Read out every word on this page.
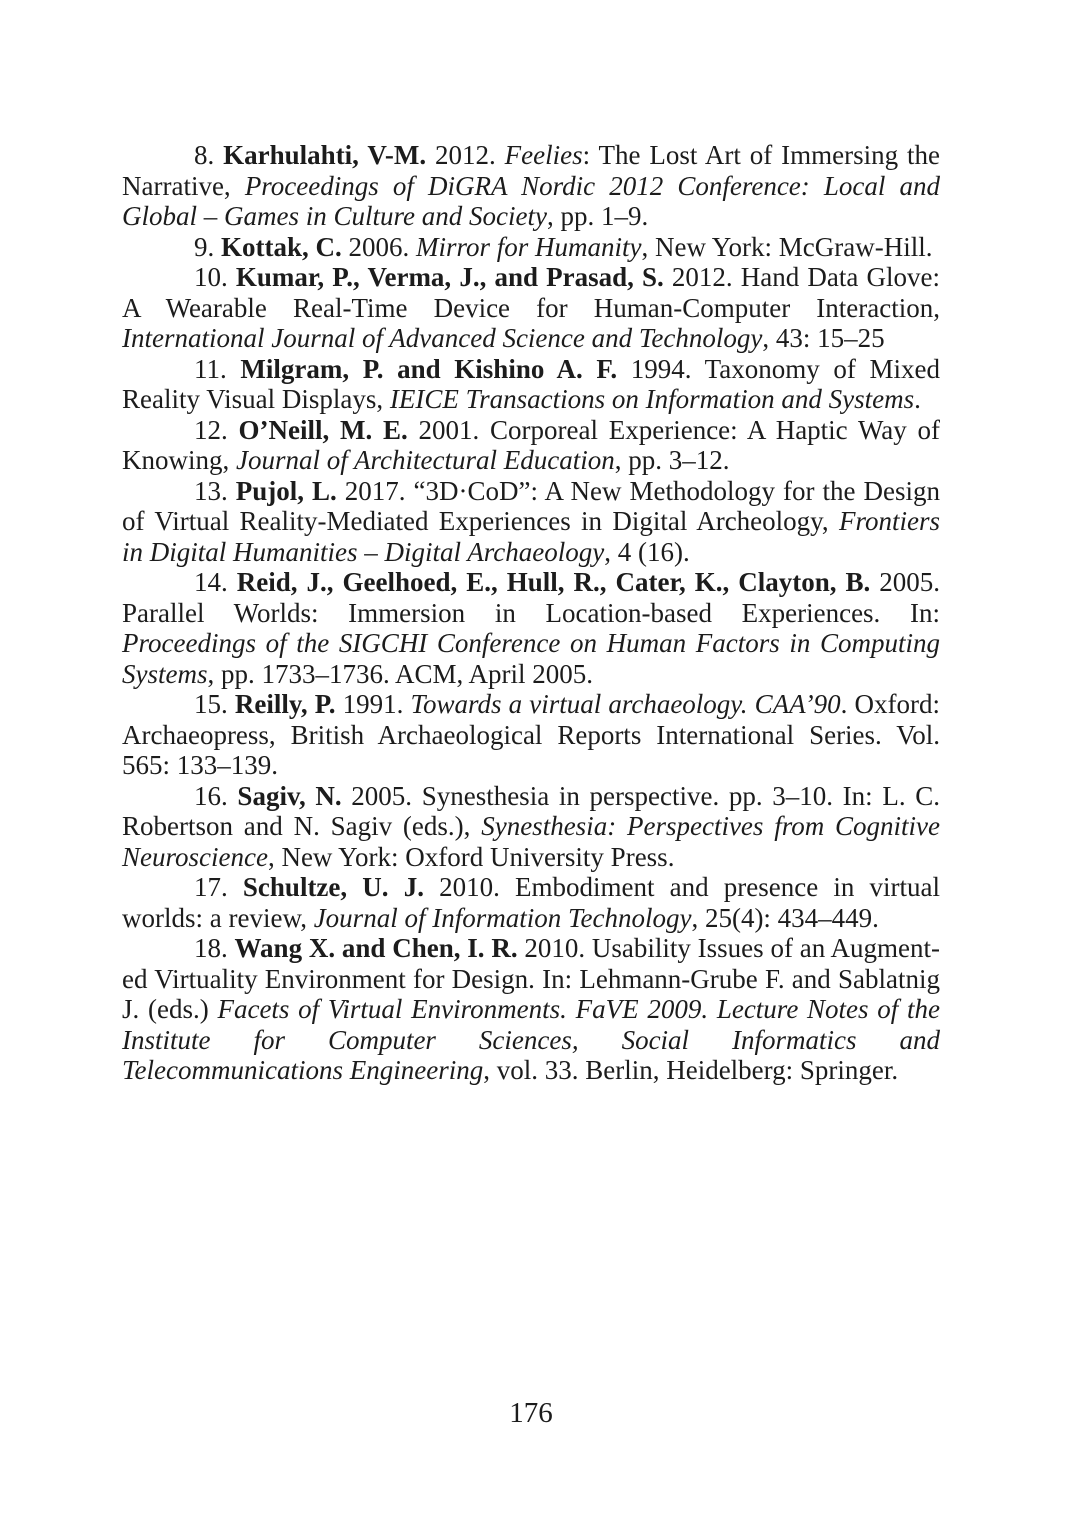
8. Karhulahti, V-M. 2012. Feelies: The Lost Art of Immersing the Narrative, Proceedings of DiGRA Nordic 2012 Conference: Local and Global – Games in Culture and Society, pp. 1–9.

9. Kottak, C. 2006. Mirror for Humanity, New York: McGraw-Hill.

10. Kumar, P., Verma, J., and Prasad, S. 2012. Hand Data Glove: A Wearable Real-Time Device for Human-Computer Interaction, International Journal of Advanced Science and Technology, 43: 15–25

11. Milgram, P. and Kishino A. F. 1994. Taxonomy of Mixed Reality Visual Displays, IEICE Transactions on Information and Systems.

12. O’Neill, M. E. 2001. Corporeal Experience: A Haptic Way of Knowing, Journal of Architectural Education, pp. 3–12.

13. Pujol, L. 2017. “3D·CoD”: A New Methodology for the Design of Virtual Reality-Mediated Experiences in Digital Archeology, Frontiers in Digital Humanities – Digital Archaeology, 4 (16).

14. Reid, J., Geelhoed, E., Hull, R., Cater, K., Clayton, B. 2005. Parallel Worlds: Immersion in Location-based Experiences. In: Proceedings of the SIGCHI Conference on Human Factors in Computing Systems, pp. 1733–1736. ACM, April 2005.

15. Reilly, P. 1991. Towards a virtual archaeology. CAA’90. Oxford: Archaeopress, British Archaeological Reports International Series. Vol. 565: 133–139.

16. Sagiv, N. 2005. Synesthesia in perspective. pp. 3–10. In: L. C. Robertson and N. Sagiv (eds.), Synesthesia: Perspectives from Cognitive Neuroscience, New York: Oxford University Press.

17. Schultze, U. J. 2010. Embodiment and presence in virtual worlds: a review, Journal of Information Technology, 25(4): 434–449.

18. Wang X. and Chen, I. R. 2010. Usability Issues of an Augmented Virtuality Environment for Design. In: Lehmann-Grube F. and Sablatnig J. (eds.) Facets of Virtual Environments. FaVE 2009. Lecture Notes of the Institute for Computer Sciences, Social Informatics and Telecommunications Engineering, vol. 33. Berlin, Heidelberg: Springer.

176
